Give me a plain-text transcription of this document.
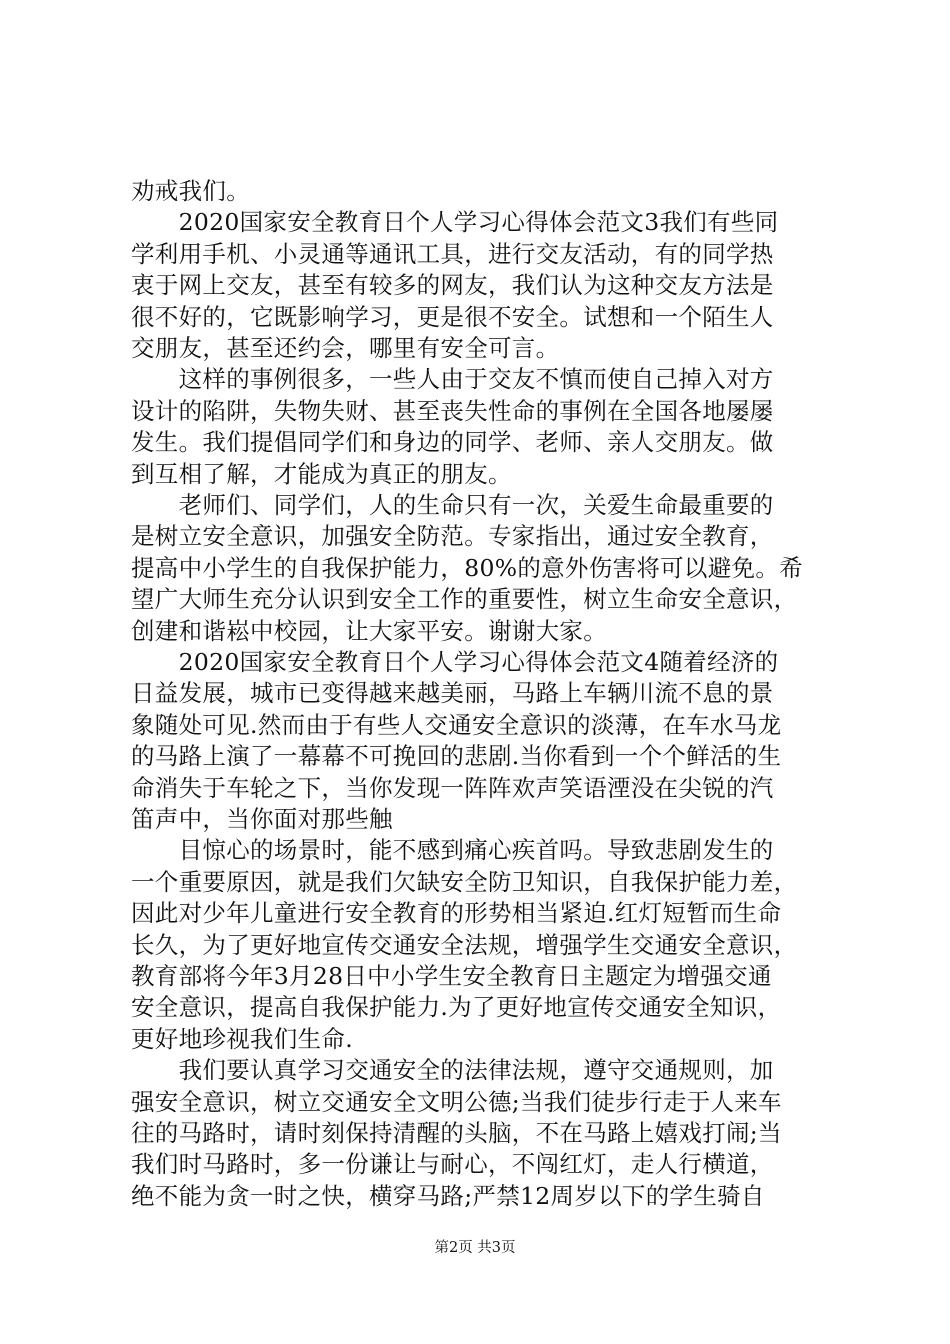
劝戒我们。
　　2020国家安全教育日个人学习心得体会范文3我们有些同
学利用手机、小灵通等通讯工具，进行交友活动，有的同学热
衷于网上交友，甚至有较多的网友，我们认为这种交友方法是
很不好的，它既影响学习，更是很不安全。试想和一个陌生人
交朋友，甚至还约会，哪里有安全可言。
　　这样的事例很多，一些人由于交友不慎而使自己掉入对方
设计的陷阱，失物失财、甚至丧失性命的事例在全国各地屡屡
发生。我们提倡同学们和身边的同学、老师、亲人交朋友。做
到互相了解，才能成为真正的朋友。
　　老师们、同学们，人的生命只有一次，关爱生命最重要的
是树立安全意识，加强安全防范。专家指出，通过安全教育，
提高中小学生的自我保护能力，80%的意外伤害将可以避免。希
望广大师生充分认识到安全工作的重要性，树立生命安全意识，
创建和谐崧中校园，让大家平安。谢谢大家。
　　2020国家安全教育日个人学习心得体会范文4随着经济的
日益发展，城市已变得越来越美丽，马路上车辆川流不息的景
象随处可见.然而由于有些人交通安全意识的淡薄，在车水马龙
的马路上演了一幕幕不可挽回的悲剧.当你看到一个个鲜活的生
命消失于车轮之下，当你发现一阵阵欢声笑语湮没在尖锐的汽
笛声中，当你面对那些触
　　目惊心的场景时，能不感到痛心疾首吗。导致悲剧发生的
一个重要原因，就是我们欠缺安全防卫知识，自我保护能力差，
因此对少年儿童进行安全教育的形势相当紧迫.红灯短暂而生命
长久，为了更好地宣传交通安全法规，增强学生交通安全意识，
教育部将今年3月28日中小学生安全教育日主题定为增强交通
安全意识，提高自我保护能力.为了更好地宣传交通安全知识，
更好地珍视我们生命.
　　我们要认真学习交通安全的法律法规，遵守交通规则，加
强安全意识，树立交通安全文明公德;当我们徒步行走于人来车
往的马路时，请时刻保持清醒的头脑，不在马路上嬉戏打闹;当
我们时马路时，多一份谦让与耐心，不闯红灯，走人行横道，
绝不能为贪一时之快，横穿马路;严禁12周岁以下的学生骑自
第2页 共3页
